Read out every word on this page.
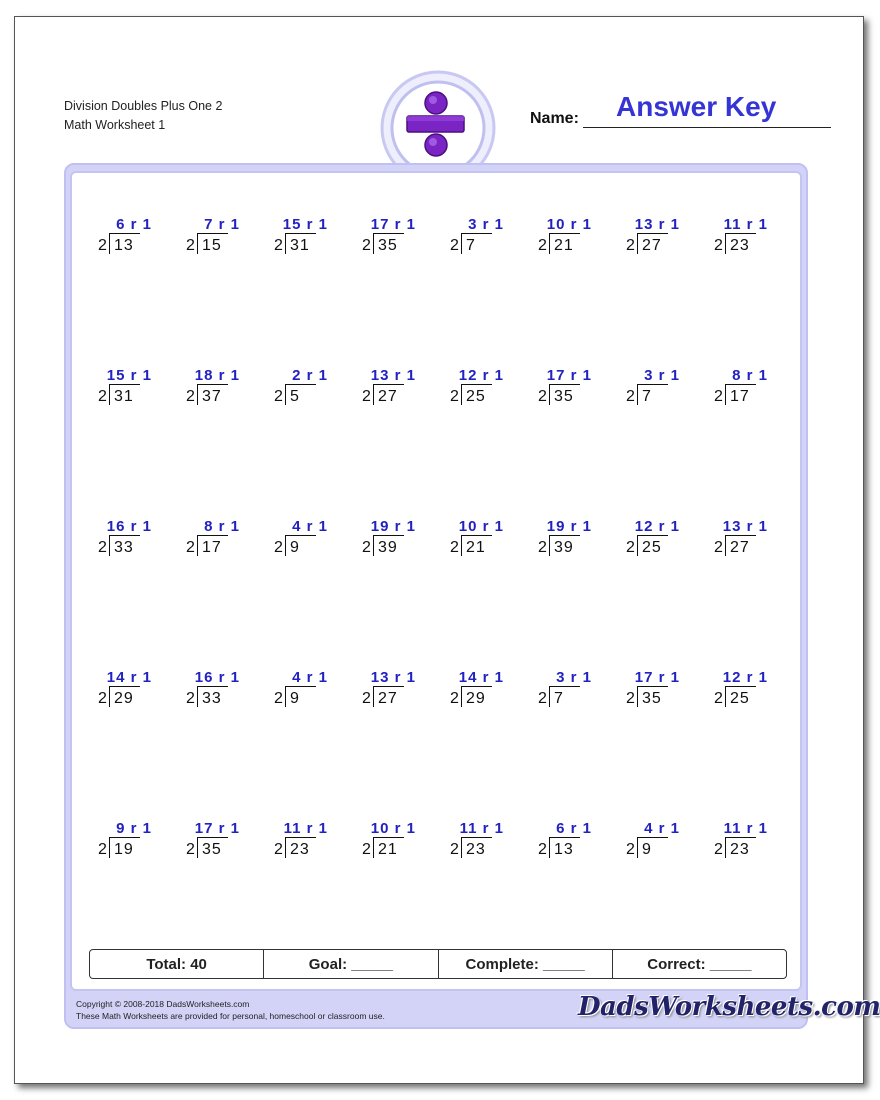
Division Doubles Plus One 2
Math Worksheet 1
Answer Key
Name:
6 r 1
2 13
7 r 1
2 15
15 r 1
2 31
17 r 1
2 35
3 r 1
2 7
10 r 1
2 21
13 r 1
2 27
11 r 1
2 23
15 r 1
2 31
18 r 1
2 37
2 r 1
2 5
13 r 1
2 27
12 r 1
2 25
17 r 1
2 35
3 r 1
2 7
8 r 1
2 17
16 r 1
2 33
8 r 1
2 17
4 r 1
2 9
19 r 1
2 39
10 r 1
2 21
19 r 1
2 39
12 r 1
2 25
13 r 1
2 27
14 r 1
2 29
16 r 1
2 33
4 r 1
2 9
13 r 1
2 27
14 r 1
2 29
3 r 1
2 7
17 r 1
2 35
12 r 1
2 25
9 r 1
2 19
17 r 1
2 35
11 r 1
2 23
10 r 1
2 21
11 r 1
2 23
6 r 1
2 13
4 r 1
2 9
11 r 1
2 23
Total: 40	Goal: _____	Complete: _____	Correct: _____
Copyright © 2008-2018 DadsWorksheets.com
These Math Worksheets are provided for personal, homeschool or classroom use.	DadsWorksheets.com
